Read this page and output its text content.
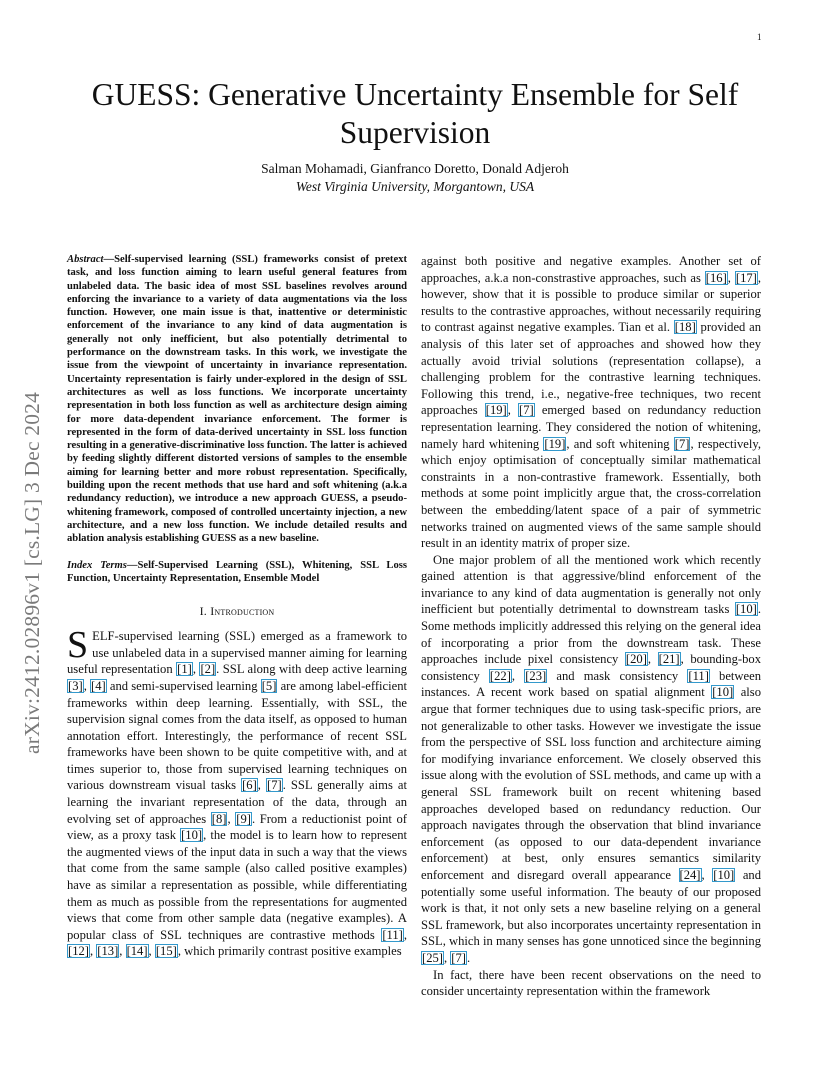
1
arXiv:2412.02896v1 [cs.LG] 3 Dec 2024
GUESS: Generative Uncertainty Ensemble for Self Supervision
Salman Mohamadi, Gianfranco Doretto, Donald Adjeroh
West Virginia University, Morgantown, USA

Abstract—Self-supervised learning (SSL) frameworks consist of pretext task, and loss function aiming to learn useful general features from unlabeled data. The basic idea of most SSL baselines revolves around enforcing the invariance to a variety of data augmentations via the loss function. However, one main issue is that, inattentive or deterministic enforcement of the invariance to any kind of data augmentation is generally not only inefficient, but also potentially detrimental to performance on the downstream tasks. In this work, we investigate the issue from the viewpoint of uncertainty in invariance representation. Uncertainty representation is fairly under-explored in the design of SSL architectures as well as loss functions. We incorporate uncertainty representation in both loss function as well as architecture design aiming for more data-dependent invariance enforcement. The former is represented in the form of data-derived uncertainty in SSL loss function resulting in a generative-discriminative loss function. The latter is achieved by feeding slightly different distorted versions of samples to the ensemble aiming for learning better and more robust representation. Specifically, building upon the recent methods that use hard and soft whitening (a.k.a redundancy reduction), we introduce a new approach GUESS, a pseudo-whitening framework, composed of controlled uncertainty injection, a new architecture, and a new loss function. We include detailed results and ablation analysis establishing GUESS as a new baseline.

Index Terms—Self-Supervised Learning (SSL), Whitening, SSL Loss Function, Uncertainty Representation, Ensemble Model

I. Introduction

SELF-supervised learning (SSL) emerged as a framework to use unlabeled data in a supervised manner aiming for learning useful representation [1], [2]. SSL along with deep active learning [3], [4] and semi-supervised learning [5] are among label-efficient frameworks within deep learning. Essentially, with SSL, the supervision signal comes from the data itself, as opposed to human annotation effort. Interestingly, the performance of recent SSL frameworks have been shown to be quite competitive with, and at times superior to, those from supervised learning techniques on various downstream visual tasks [6], [7]. SSL generally aims at learning the invariant representation of the data, through an evolving set of approaches [8], [9]. From a reductionist point of view, as a proxy task [10], the model is to learn how to represent the augmented views of the input data in such a way that the views that come from the same sample (also called positive examples) have as similar a representation as possible, while differentiating them as much as possible from the representations for augmented views that come from other sample data (negative examples). A popular class of SSL techniques are contrastive methods [11], [12], [13], [14], [15], which primarily contrast positive examples

against both positive and negative examples. Another set of approaches, a.k.a non-constrastive approaches, such as [16], [17], however, show that it is possible to produce similar or superior results to the contrastive approaches, without necessarily requiring to contrast against negative examples. Tian et al. [18] provided an analysis of this later set of approaches and showed how they actually avoid trivial solutions (representation collapse), a challenging problem for the contrastive learning techniques. Following this trend, i.e., negative-free techniques, two recent approaches [19], [7] emerged based on redundancy reduction representation learning. They considered the notion of whitening, namely hard whitening [19], and soft whitening [7], respectively, which enjoy optimisation of conceptually similar mathematical constraints in a non-contrastive framework. Essentially, both methods at some point implicitly argue that, the cross-correlation between the embedding/latent space of a pair of symmetric networks trained on augmented views of the same sample should result in an identity matrix of proper size.

One major problem of all the mentioned work which recently gained attention is that aggressive/blind enforcement of the invariance to any kind of data augmentation is generally not only inefficient but potentially detrimental to downstream tasks [10]. Some methods implicitly addressed this relying on the general idea of incorporating a prior from the downstream task. These approaches include pixel consistency [20], [21], bounding-box consistency [22], [23] and mask consistency [11] between instances. A recent work based on spatial alignment [10] also argue that former techniques due to using task-specific priors, are not generalizable to other tasks. However we investigate the issue from the perspective of SSL loss function and architecture aiming for modifying invariance enforcement. We closely observed this issue along with the evolution of SSL methods, and came up with a general SSL framework built on recent whitening based approaches developed based on redundancy reduction. Our approach navigates through the observation that blind invariance enforcement (as opposed to our data-dependent invariance enforcement) at best, only ensures semantics similarity enforcement and disregard overall appearance [24], [10] and potentially some useful information. The beauty of our proposed work is that, it not only sets a new baseline relying on a general SSL framework, but also incorporates uncertainty representation in SSL, which in many senses has gone unnoticed since the beginning [25], [7].

In fact, there have been recent observations on the need to consider uncertainty representation within the framework
